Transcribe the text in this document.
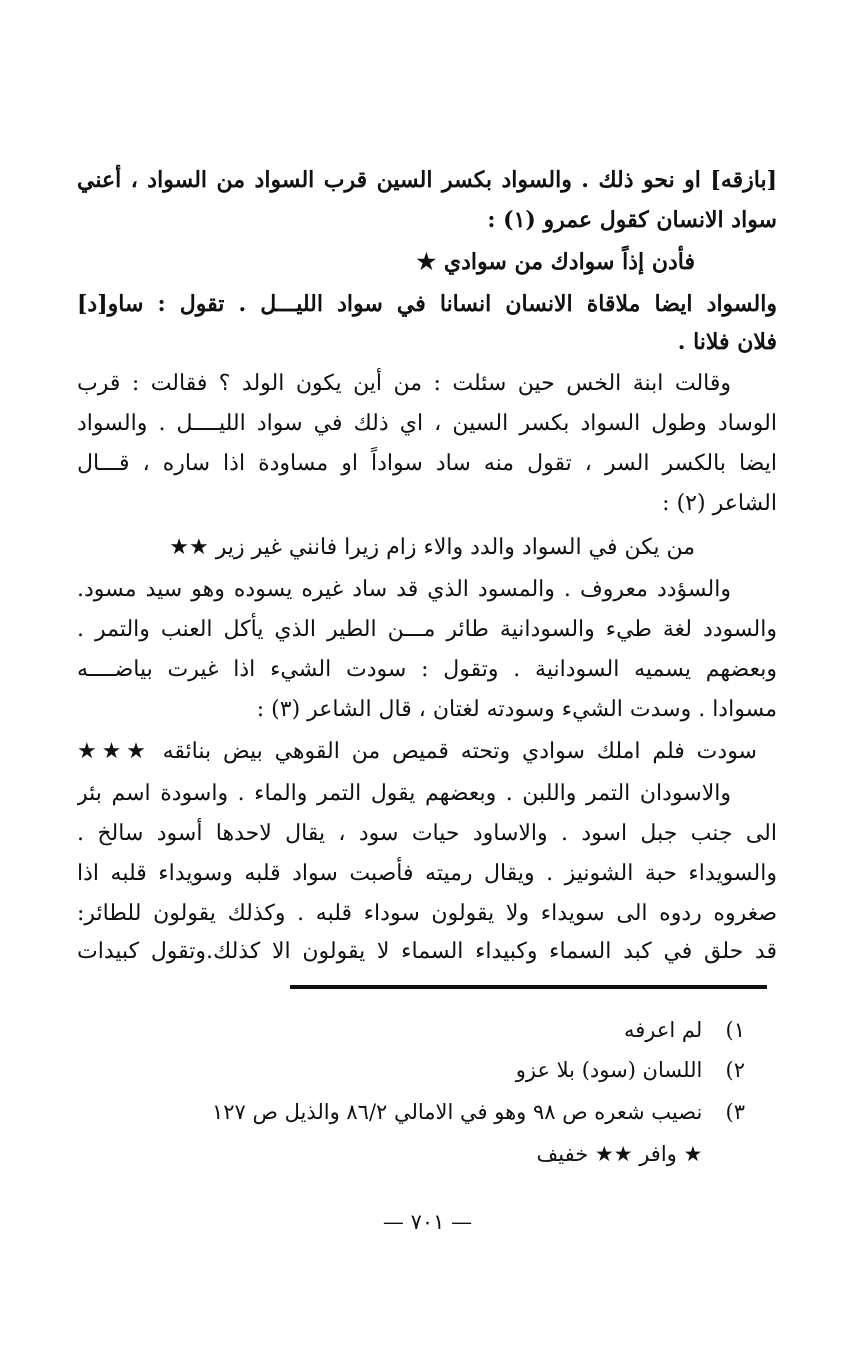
[بازقه] او نحو ذلك . والسواد بكسر السين قرب السواد من السواد ، أعني
سواد الانسان كقول عمرو (١) :
فأدن إذاً سوادك من سوادي ★
والسواد ايضا ملاقاة الانسان انسانا في سواد الليـــل . تقول : ساو[د]
فلان فلانا .
وقالت ابنة الخس حين سئلت : من أين يكون الولد ؟ فقالت : قرب
الوساد وطول السواد بكسر السين ، اي ذلك في سواد الليــــل . والسواد
ايضا بالكسر السر ، تقول منه ساد سواداً او مساودة اذا ساره ، قـــال
الشاعر (٢) :
من يكن في السواد والدد والاء زام زيرا فانني غير زير ★★
والسؤدد معروف . والمسود الذي قد ساد غيره يسوده وهو سيد مسود.
والسودد لغة طيء والسودانية طائر مـــن الطير الذي يأكل العنب والتمر .
وبعضهم يسميه السودانية . وتقول : سودت الشيء اذا غيرت بياضــــه
مسوادا . وسدت الشيء وسودته لغتان ، قال الشاعر (٣) :
سودت فلم املك سوادي وتحته قميص من القوهي بيض بنائقه ★★★
والاسودان التمر واللبن . وبعضهم يقول التمر والماء . واسودة اسم بئر
الى جنب جبل اسود . والاساود حيات سود ، يقال لاحدها أسود سالخ .
والسويداء حبة الشونيز . ويقال رميته فأصبت سواد قلبه وسويداء قلبه اذا
صغروه ردوه الى سويداء ولا يقولون سوداء قلبه . وكذلك يقولون للطائر:
قد حلق في كبد السماء وكبيداء السماء لا يقولون الا كذلك.وتقول كبيدات
١) لم اعرفه
٢) اللسان (سود) بلا عزو
٣) نصيب شعره ص ٩٨ وهو في الامالي ٨٦/٢ والذيل ص ١٢٧
★ وافر ★★ خفيف
— ٧٠١ —
